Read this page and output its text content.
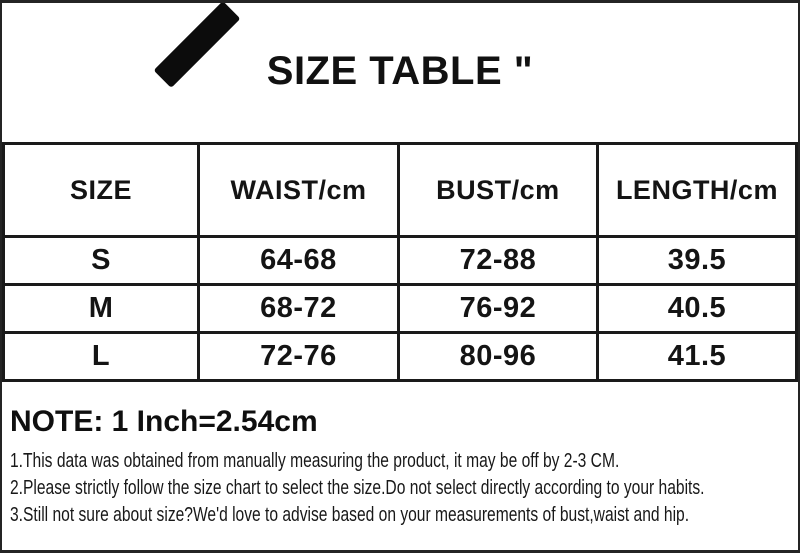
SIZE TABLE "
SIZE	WAIST/cm	BUST/cm	LENGTH/cm
S	64-68	72-88	39.5
M	68-72	76-92	40.5
L	72-76	80-96	41.5
NOTE: 1 Inch=2.54cm

1.This data was obtained from manually measuring the product, it may be off by 2-3 CM.

2.Please strictly follow the size chart to select the size.Do not select directly according to your habits.

3.Still not sure about size?We'd love to advise based on your measurements of bust,waist and hip.
